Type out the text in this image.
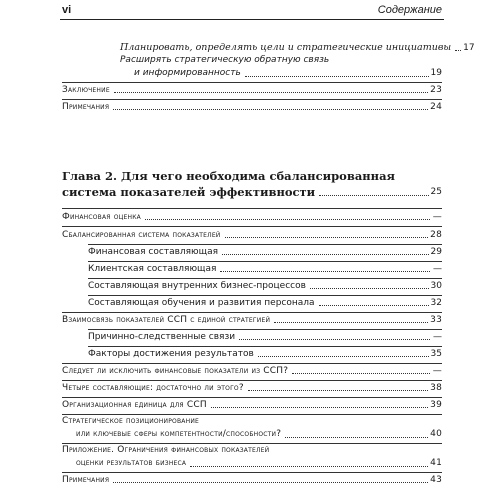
vi	Содержание
Планировать, определять цели и стратегические инициативы 17
Расширять стратегическую обратную связь
и информированность	19
Заключение	23
Примечания	24
Глава 2. Для чего необходима сбалансированная
система показателей эффективности	25
Финансовая оценка	—
Сбалансированная система показателей	28
Финансовая составляющая	29
Клиентская составляющая	—
Составляющая внутренних бизнес-процессов	30
Составляющая обучения и развития персонала	32
Взаимосвязь показателей ССП с единой стратегией	33
Причинно-следственные связи	—
Факторы достижения результатов	35
Следует ли исключить финансовые показатели из ССП?	—
Четыре составляющие: достаточно ли этого?	38
Организационная единица для ССП	39
Стратегическое позиционирование
или ключевые сферы компетентности/способности?	40
Приложение. Ограничения финансовых показателей
оценки результатов бизнеса	41
Примечания	43
